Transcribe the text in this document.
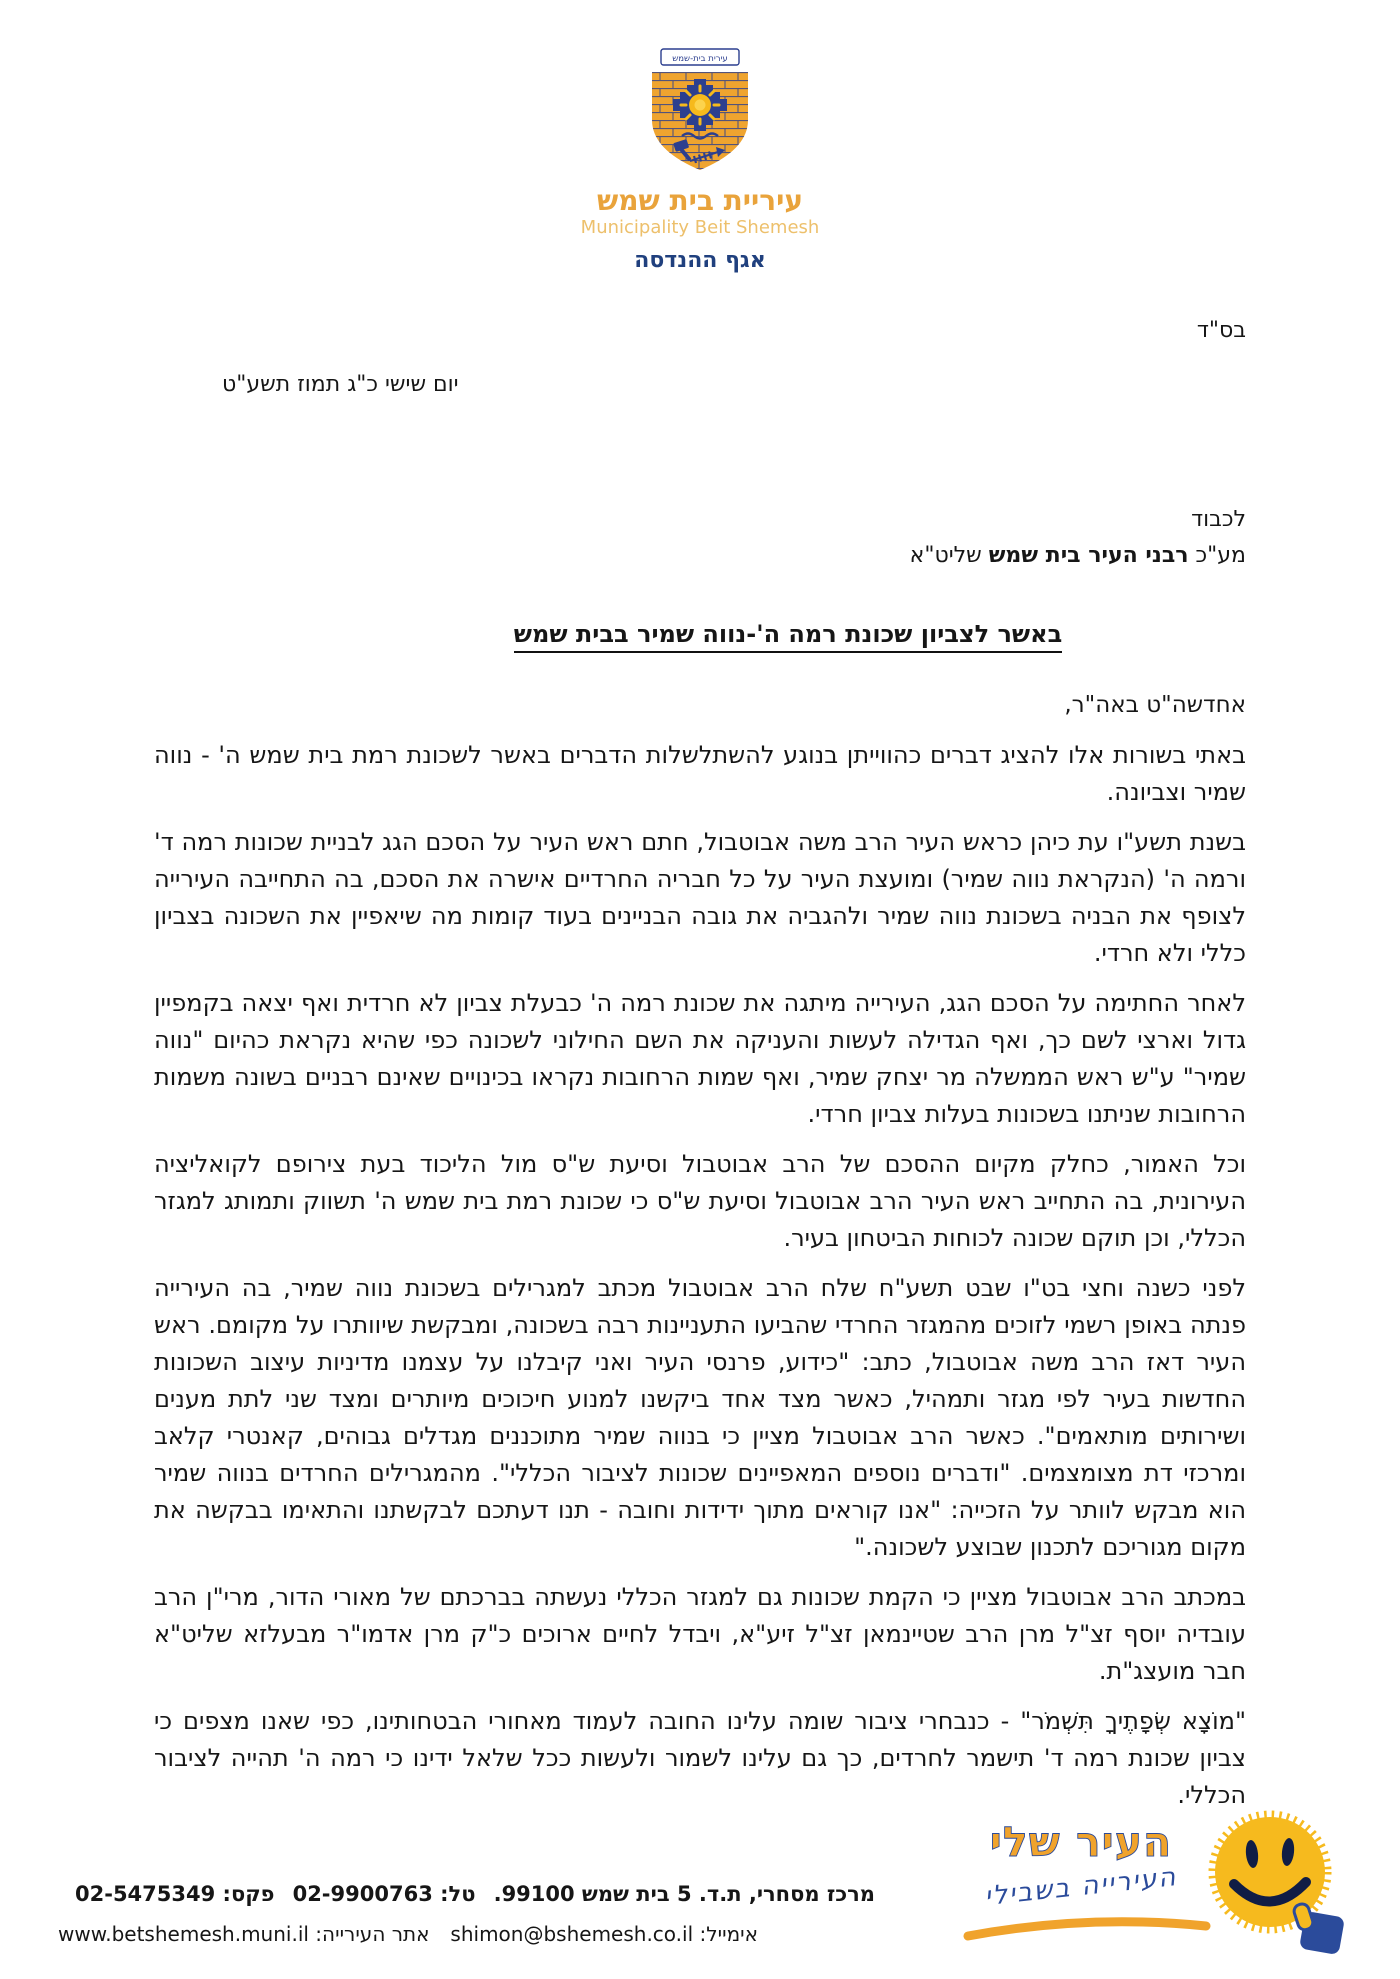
עירית בית-שמש
עיריית בית שמש
Municipality Beit Shemesh
אגף ההנדסה
בס"ד
יום שישי כ"ג תמוז תשע"ט
לכבוד
מע"כ רבני העיר בית שמש שליט"א
באשר לצביון שכונת רמה ה'-נווה שמיר בבית שמש
אחדשה"ט באה"ר,

באתי בשורות אלו להציג דברים כהווייתן בנוגע להשתלשלות הדברים באשר לשכונת רמת בית שמש ה' - נווה שמיר וצביונה.

בשנת תשע"ו עת כיהן כראש העיר הרב משה אבוטבול, חתם ראש העיר על הסכם הגג לבניית שכונות רמה ד' ורמה ה' (הנקראת נווה שמיר) ומועצת העיר על כל חבריה החרדיים אישרה את הסכם, בה התחייבה העירייה לצופף את הבניה בשכונת נווה שמיר ולהגביה את גובה הבניינים בעוד קומות מה שיאפיין את השכונה בצביון כללי ולא חרדי.

לאחר החתימה על הסכם הגג, העירייה מיתגה את שכונת רמה ה' כבעלת צביון לא חרדית ואף יצאה בקמפיין גדול וארצי לשם כך, ואף הגדילה לעשות והעניקה את השם החילוני לשכונה כפי שהיא נקראת כהיום "נווה שמיר" ע"ש ראש הממשלה מר יצחק שמיר, ואף שמות הרחובות נקראו בכינויים שאינם רבניים בשונה משמות הרחובות שניתנו בשכונות בעלות צביון חרדי.

וכל האמור, כחלק מקיום ההסכם של הרב אבוטבול וסיעת ש"ס מול הליכוד בעת צירופם לקואליציה העירונית, בה התחייב ראש העיר הרב אבוטבול וסיעת ש"ס כי שכונת רמת בית שמש ה' תשווק ותמותג למגזר הכללי, וכן תוקם שכונה לכוחות הביטחון בעיר.

לפני כשנה וחצי בט"ו שבט תשע"ח שלח הרב אבוטבול מכתב למגרילים בשכונת נווה שמיר, בה העירייה פנתה באופן רשמי לזוכים מהמגזר החרדי שהביעו התעניינות רבה בשכונה, ומבקשת שיוותרו על מקומם. ראש העיר דאז הרב משה אבוטבול, כתב: "כידוע, פרנסי העיר ואני קיבלנו על עצמנו מדיניות עיצוב השכונות החדשות בעיר לפי מגזר ותמהיל, כאשר מצד אחד ביקשנו למנוע חיכוכים מיותרים ומצד שני לתת מענים ושירותים מותאמים". כאשר הרב אבוטבול מציין כי בנווה שמיר מתוכננים מגדלים גבוהים, קאנטרי קלאב ומרכזי דת מצומצמים. "ודברים נוספים המאפיינים שכונות לציבור הכללי". מהמגרילים החרדים בנווה שמיר הוא מבקש לוותר על הזכייה: "אנו קוראים מתוך ידידות וחובה - תנו דעתכם לבקשתנו והתאימו בבקשה את מקום מגוריכם לתכנון שבוצע לשכונה."

במכתב הרב אבוטבול מציין כי הקמת שכונות גם למגזר הכללי נעשתה בברכתם של מאורי הדור, מרי"ן הרב עובדיה יוסף זצ"ל מרן הרב שטיינמאן זצ"ל זיע"א, ויבדל לחיים ארוכים כ"ק מרן אדמו"ר מבעלזא שליט"א חבר מועצג"ת.

"מוֹצָא שְׂפָתֶיךָ תִּשְׁמֹר" - כנבחרי ציבור שומה עלינו החובה לעמוד מאחורי הבטחותינו, כפי שאנו מצפים כי צביון שכונת רמה ד' תישמר לחרדים, כך גם עלינו לשמור ולעשות ככל שלאל ידינו כי רמה ה' תהייה לציבור הכללי.

מרכז מסחרי, ת.ד. 5 בית שמש 99100.
טל: 02-9900763
פקס: 02-5475349
אימייל: shimon@bshemesh.co.il
אתר העירייה: www.betshemesh.muni.il
העיר שלי
העירייה בשבילי
